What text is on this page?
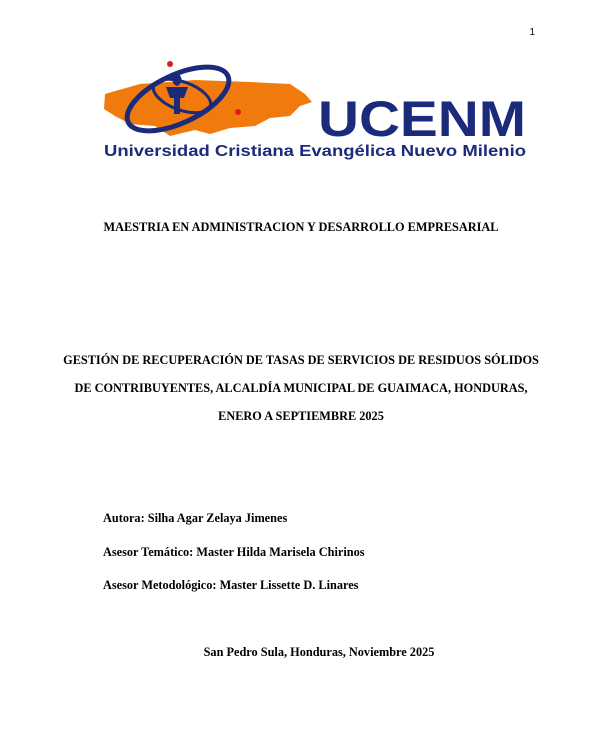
1
UCENM
Universidad Cristiana Evangélica Nuevo Milenio
MAESTRIA EN ADMINISTRACION Y DESARROLLO EMPRESARIAL
GESTIÓN DE RECUPERACIÓN DE TASAS DE SERVICIOS DE RESIDUOS SÓLIDOS
DE CONTRIBUYENTES, ALCALDÍA MUNICIPAL DE GUAIMACA, HONDURAS,
ENERO A SEPTIEMBRE 2025
Autora: Silha Agar Zelaya Jimenes
Asesor Temático: Master Hilda Marisela Chirinos
Asesor Metodológico: Master Lissette D. Linares
San Pedro Sula, Honduras, Noviembre 2025
